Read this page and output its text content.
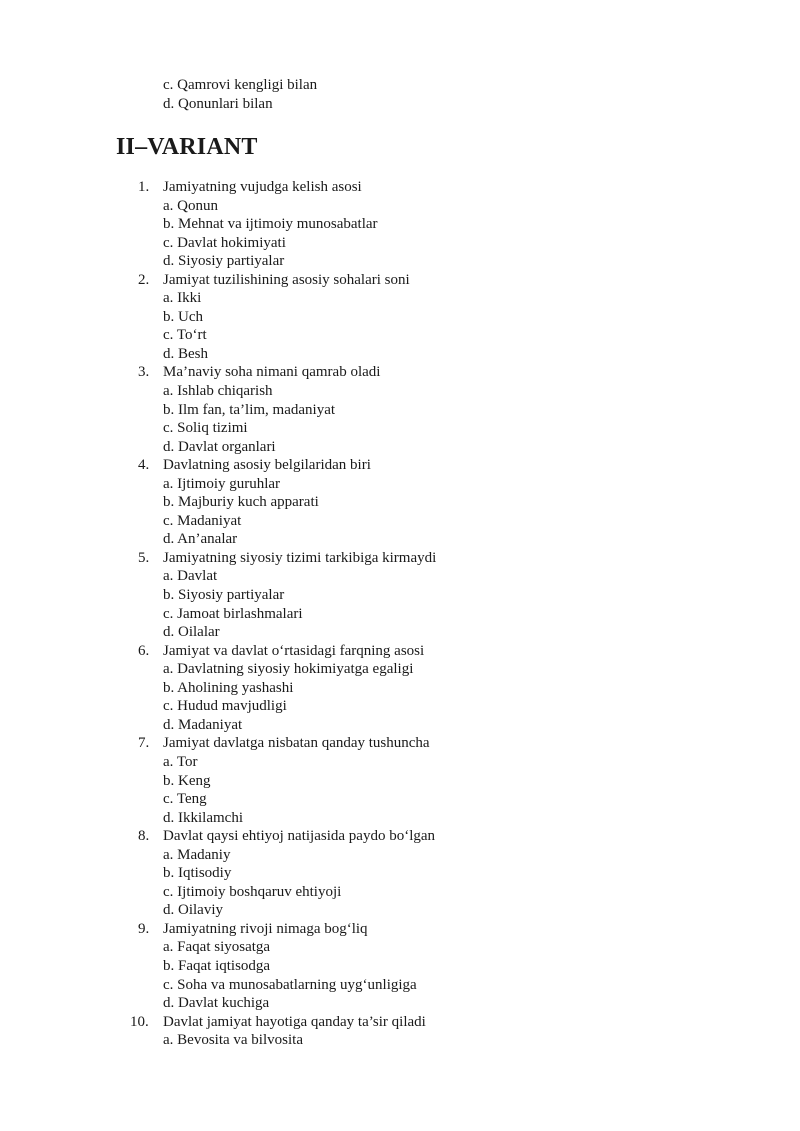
c. Qamrovi kengligi bilan
d. Qonunlari bilan
II–VARIANT
1. Jamiyatning vujudga kelish asosi
a. Qonun
b. Mehnat va ijtimoiy munosabatlar
c. Davlat hokimiyati
d. Siyosiy partiyalar
2. Jamiyat tuzilishining asosiy sohalari soni
a. Ikki
b. Uch
c. To‘rt
d. Besh
3. Ma’naviy soha nimani qamrab oladi
a. Ishlab chiqarish
b. Ilm fan, ta’lim, madaniyat
c. Soliq tizimi
d. Davlat organlari
4. Davlatning asosiy belgilaridan biri
a. Ijtimoiy guruhlar
b. Majburiy kuch apparati
c. Madaniyat
d. An’analar
5. Jamiyatning siyosiy tizimi tarkibiga kirmaydi
a. Davlat
b. Siyosiy partiyalar
c. Jamoat birlashmalari
d. Oilalar
6. Jamiyat va davlat o‘rtasidagi farqning asosi
a. Davlatning siyosiy hokimiyatga egaligi
b. Aholining yashashi
c. Hudud mavjudligi
d. Madaniyat
7. Jamiyat davlatga nisbatan qanday tushuncha
a. Tor
b. Keng
c. Teng
d. Ikkilamchi
8. Davlat qaysi ehtiyoj natijasida paydo bo‘lgan
a. Madaniy
b. Iqtisodiy
c. Ijtimoiy boshqaruv ehtiyoji
d. Oilaviy
9. Jamiyatning rivoji nimaga bog‘liq
a. Faqat siyosatga
b. Faqat iqtisodga
c. Soha va munosabatlarning uyg‘unligiga
d. Davlat kuchiga
10. Davlat jamiyat hayotiga qanday ta’sir qiladi
a. Bevosita va bilvosita
